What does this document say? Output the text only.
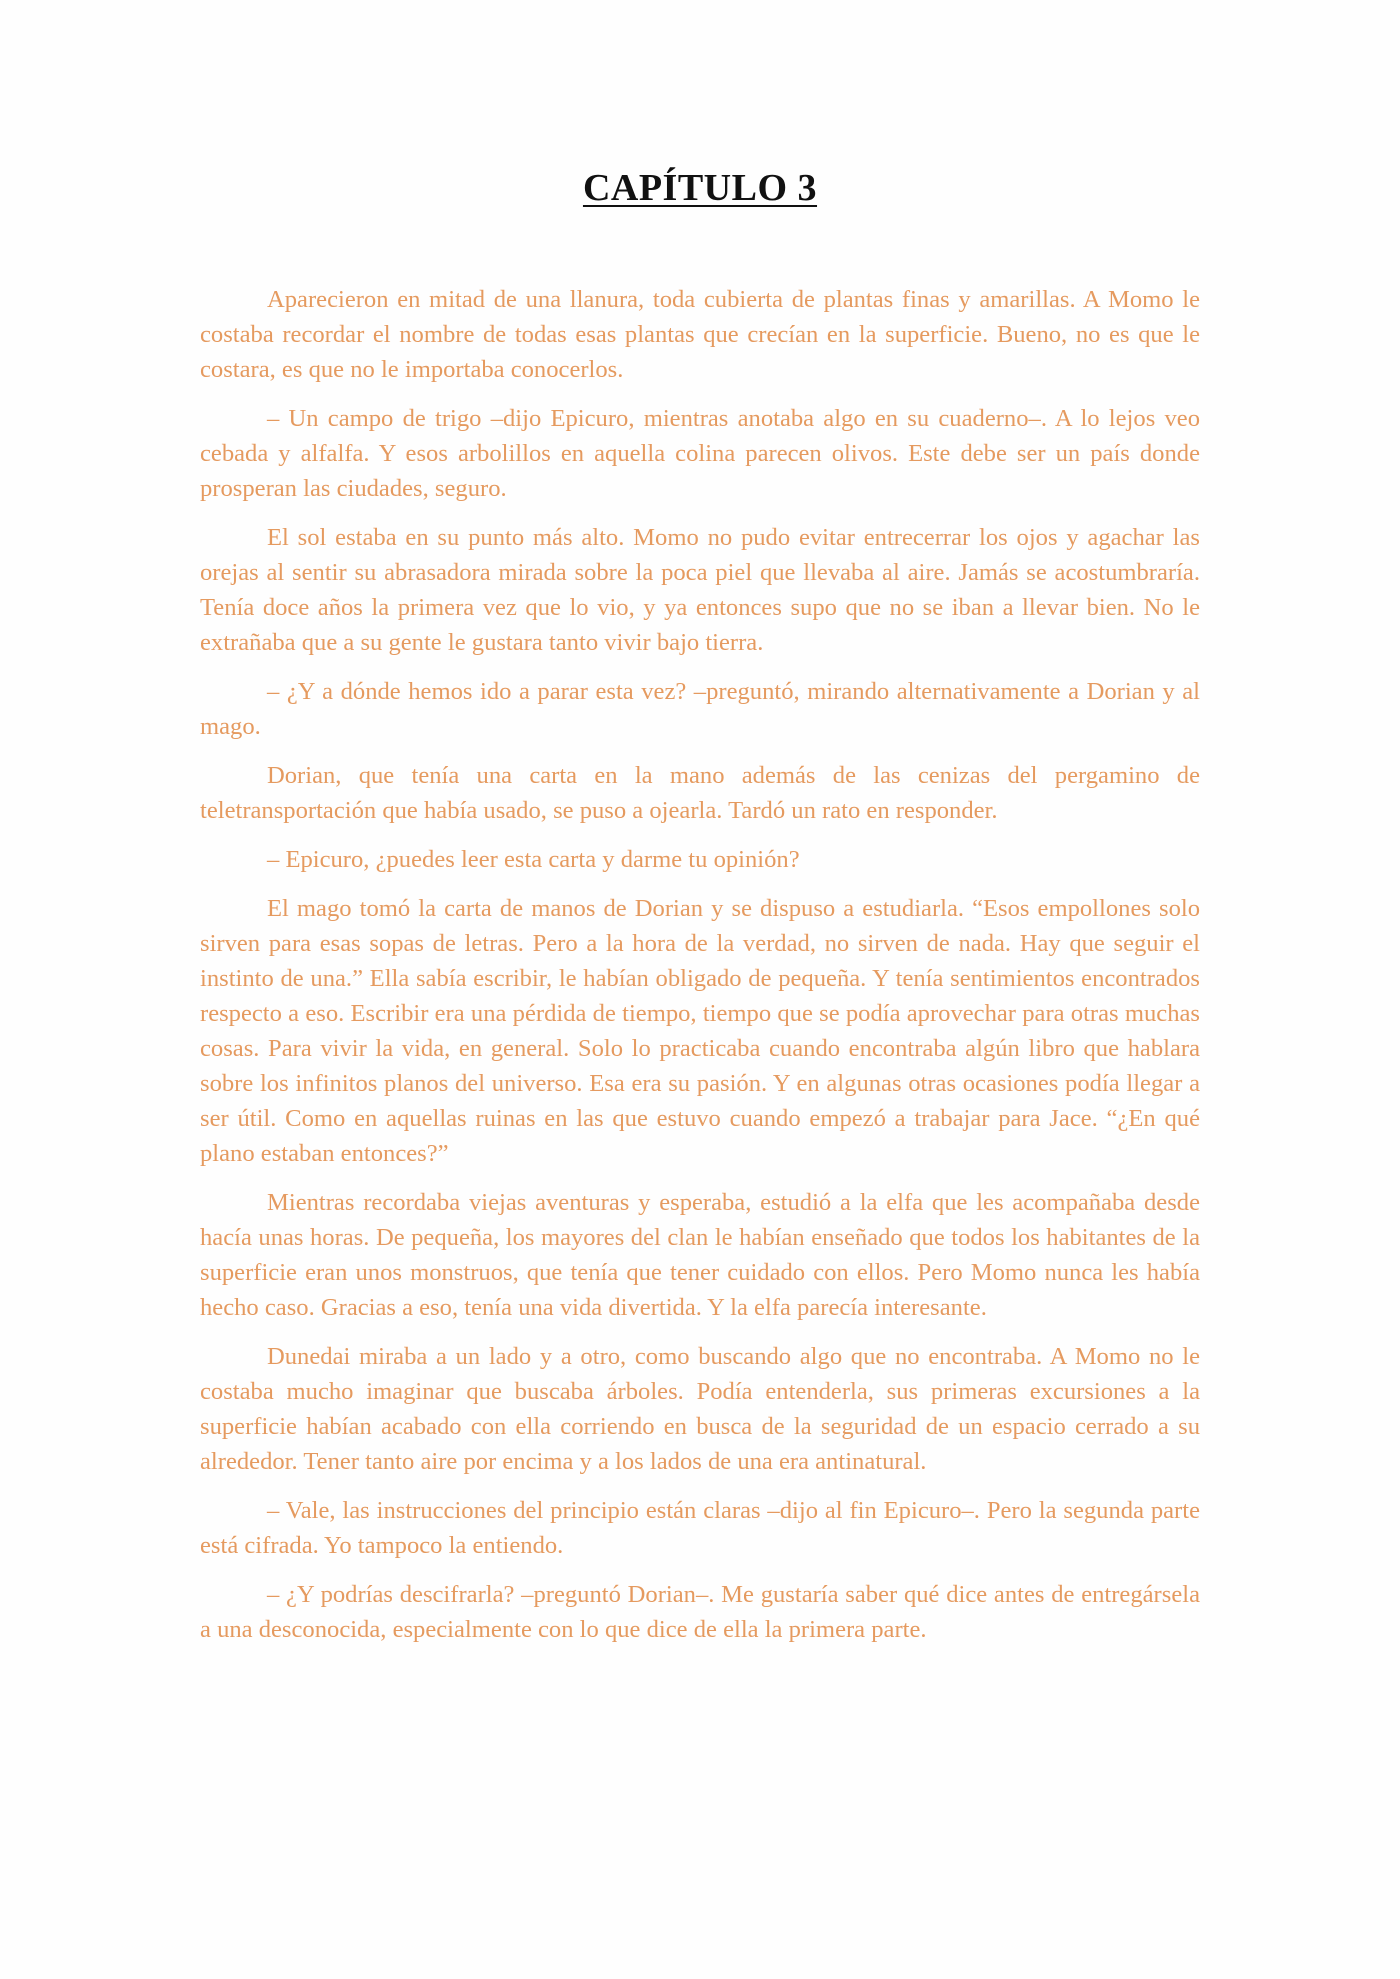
CAPÍTULO 3

Aparecieron en mitad de una llanura, toda cubierta de plantas finas y amarillas. A Momo le costaba recordar el nombre de todas esas plantas que crecían en la superficie. Bueno, no es que le costara, es que no le importaba conocerlos.

– Un campo de trigo –dijo Epicuro, mientras anotaba algo en su cuaderno–. A lo lejos veo cebada y alfalfa. Y esos arbolillos en aquella colina parecen olivos. Este debe ser un país donde prosperan las ciudades, seguro.

El sol estaba en su punto más alto. Momo no pudo evitar entrecerrar los ojos y agachar las orejas al sentir su abrasadora mirada sobre la poca piel que llevaba al aire. Jamás se acostumbraría. Tenía doce años la primera vez que lo vio, y ya entonces supo que no se iban a llevar bien. No le extrañaba que a su gente le gustara tanto vivir bajo tierra.

– ¿Y a dónde hemos ido a parar esta vez? –preguntó, mirando alternativamente a Dorian y al mago.

Dorian, que tenía una carta en la mano además de las cenizas del pergamino de teletransportación que había usado, se puso a ojearla. Tardó un rato en responder.

– Epicuro, ¿puedes leer esta carta y darme tu opinión?

El mago tomó la carta de manos de Dorian y se dispuso a estudiarla. “Esos empollones solo sirven para esas sopas de letras. Pero a la hora de la verdad, no sirven de nada. Hay que seguir el instinto de una.” Ella sabía escribir, le habían obligado de pequeña. Y tenía sentimientos encontrados respecto a eso. Escribir era una pérdida de tiempo, tiempo que se podía aprovechar para otras muchas cosas. Para vivir la vida, en general. Solo lo practicaba cuando encontraba algún libro que hablara sobre los infinitos planos del universo. Esa era su pasión. Y en algunas otras ocasiones podía llegar a ser útil. Como en aquellas ruinas en las que estuvo cuando empezó a trabajar para Jace. “¿En qué plano estaban entonces?”

Mientras recordaba viejas aventuras y esperaba, estudió a la elfa que les acompañaba desde hacía unas horas. De pequeña, los mayores del clan le habían enseñado que todos los habitantes de la superficie eran unos monstruos, que tenía que tener cuidado con ellos. Pero Momo nunca les había hecho caso. Gracias a eso, tenía una vida divertida. Y la elfa parecía interesante.

Dunedai miraba a un lado y a otro, como buscando algo que no encontraba. A Momo no le costaba mucho imaginar que buscaba árboles. Podía entenderla, sus primeras excursiones a la superficie habían acabado con ella corriendo en busca de la seguridad de un espacio cerrado a su alrededor. Tener tanto aire por encima y a los lados de una era antinatural.

– Vale, las instrucciones del principio están claras –dijo al fin Epicuro–. Pero la segunda parte está cifrada. Yo tampoco la entiendo.

– ¿Y podrías descifrarla? –preguntó Dorian–. Me gustaría saber qué dice antes de entregársela a una desconocida, especialmente con lo que dice de ella la primera parte.
